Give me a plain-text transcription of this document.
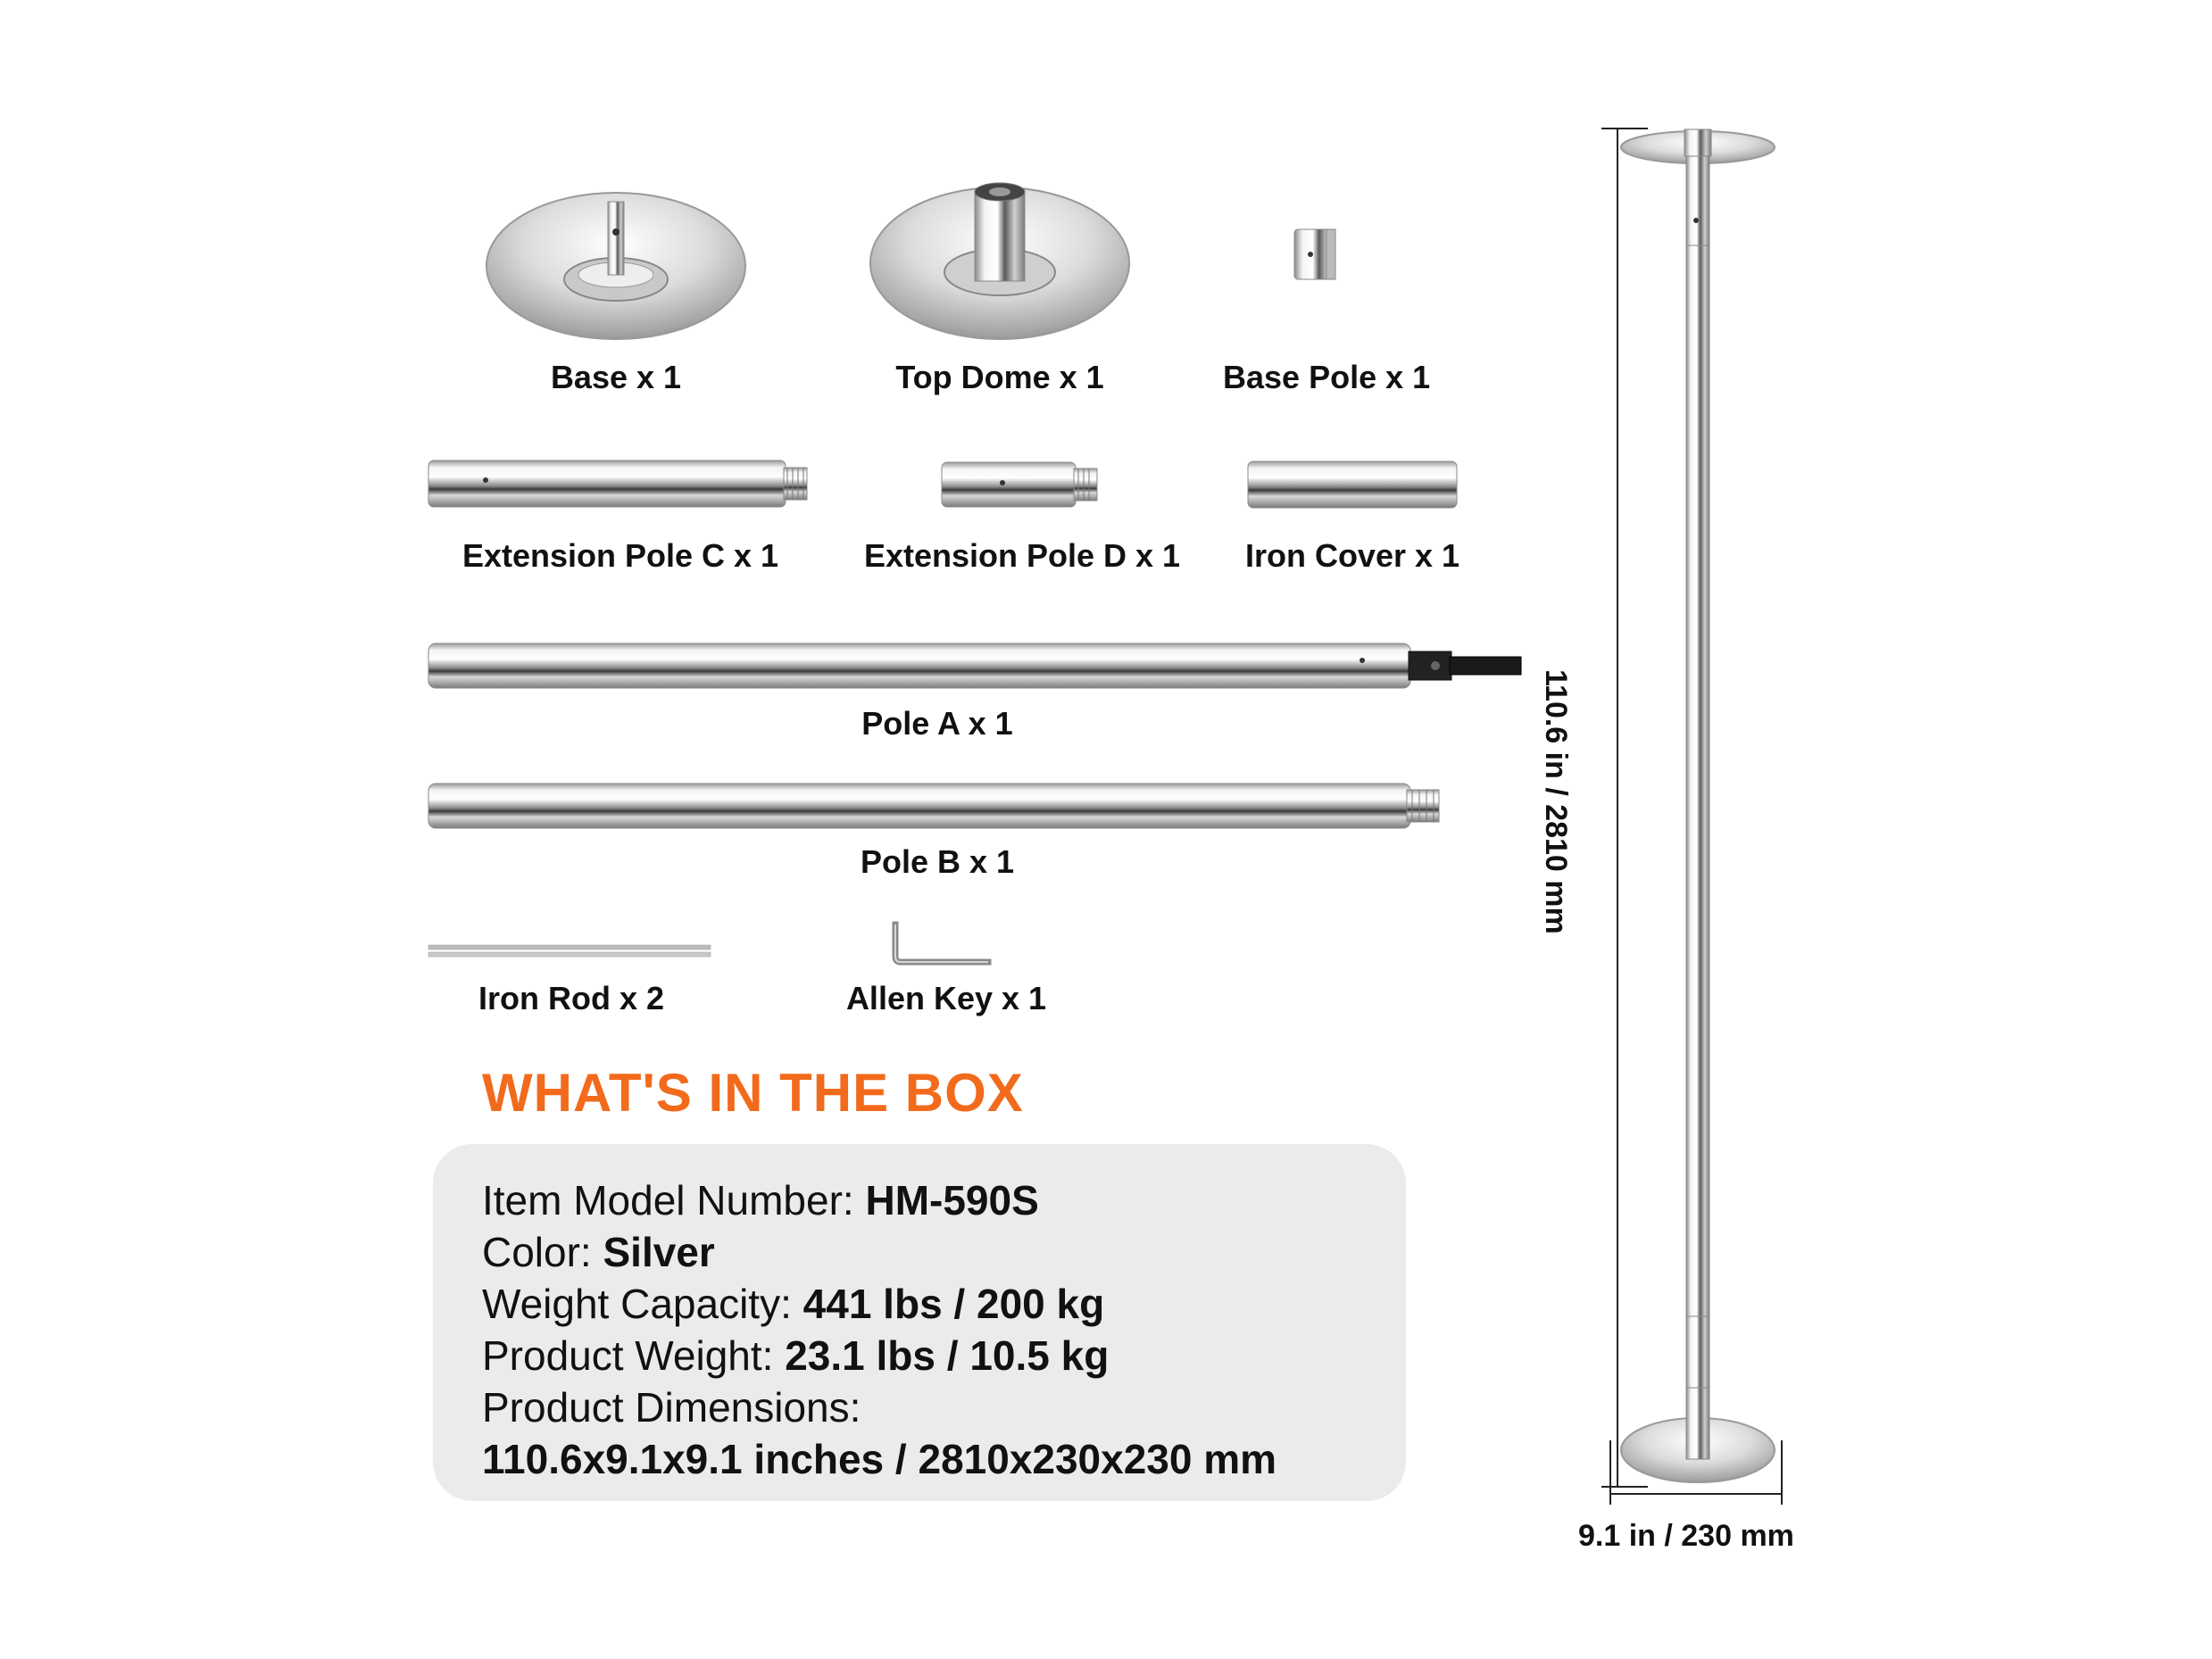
Base x 1	Top Dome x 1	Base Pole x 1
Extension Pole C x 1	Extension Pole D x 1	Iron Cover x 1
Pole A x 1
Pole B x 1
Iron Rod x 2	Allen Key x 1
WHAT'S IN THE BOX
Item Model Number: HM-590S
Color: Silver
Weight Capacity: 441 lbs / 200 kg
Product Weight: 23.1 lbs / 10.5 kg
Product Dimensions:
110.6x9.1x9.1 inches / 2810x230x230 mm
110.6 in / 2810 mm
9.1 in / 230 mm
